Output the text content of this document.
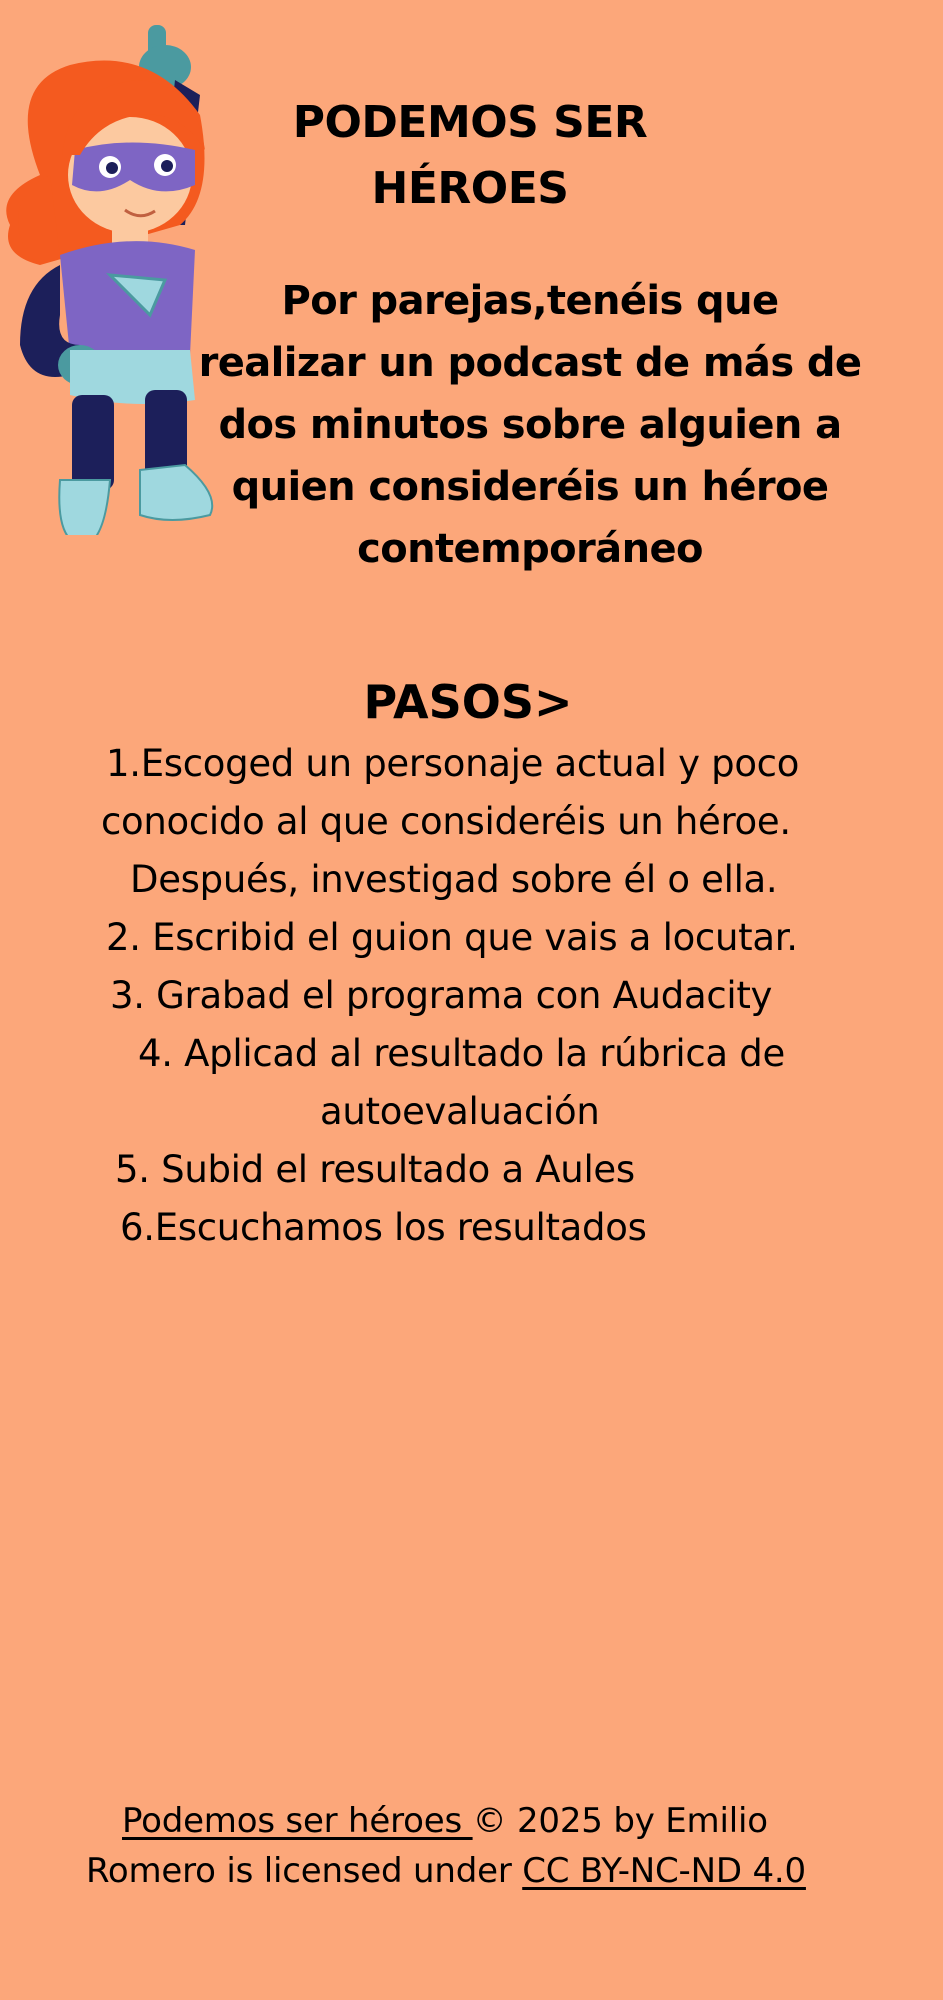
PODEMOS SER
HÉROES
Por parejas,tenéis que
realizar un podcast de más de
dos minutos sobre alguien a
quien consideréis un héroe
contemporáneo
PASOS>
1.Escoged un personaje actual y poco
conocido al que consideréis un héroe.
Después, investigad sobre él o ella.
2. Escribid el guion que vais a locutar.
3. Grabad el programa con Audacity
4. Aplicad al resultado la rúbrica de
autoevaluación
5. Subid el resultado a Aules
6.Escuchamos los resultados
Podemos ser héroes © 2025 by Emilio
Romero is licensed under CC BY-NC-ND 4.0
